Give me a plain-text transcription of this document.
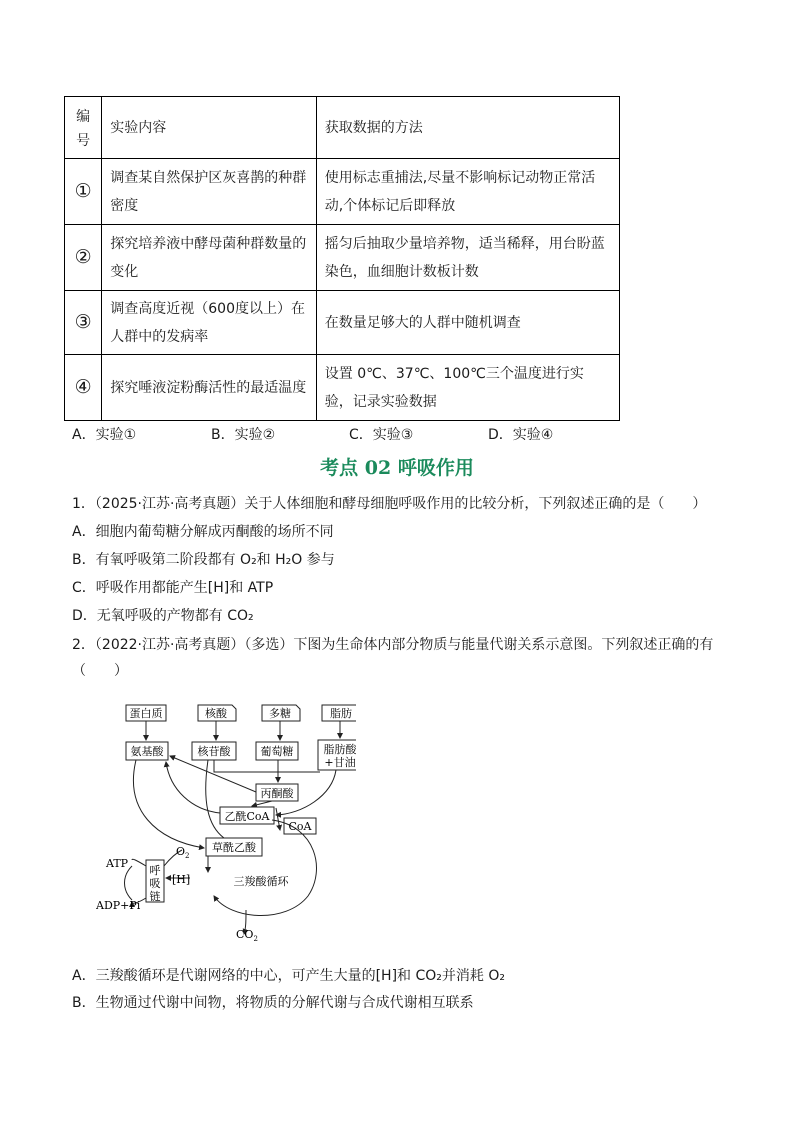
编号	实验内容	获取数据的方法
①	调查某自然保护区灰喜鹊的种群密度	使用标志重捕法,尽量不影响标记动物正常活动,个体标记后即释放
②	探究培养液中酵母菌种群数量的变化	摇匀后抽取少量培养物，适当稀释，用台盼蓝染色，血细胞计数板计数
③	调查高度近视（600度以上）在人群中的发病率	在数量足够大的人群中随机调查
④	探究唾液淀粉酶活性的最适温度	设置 0℃、37℃、100℃三个温度进行实验，记录实验数据
A．实验①	B．实验②	C．实验③	D．实验④
考点 02 呼吸作用
1．（2025·江苏·高考真题）关于人体细胞和酵母细胞呼吸作用的比较分析，下列叙述正确的是（　　）
A．细胞内葡萄糖分解成丙酮酸的场所不同
B．有氧呼吸第二阶段都有 O₂和 H₂O 参与
C．呼吸作用都能产生[H]和 ATP
D．无氧呼吸的产物都有 CO₂
2．（2022·江苏·高考真题）（多选）下图为生命体内部分物质与能量代谢关系示意图。下列叙述正确的有
（　　）
蛋白质	核酸	多糖	脂肪
氨基酸	核苷酸	葡萄糖	脂肪酸
+甘油
丙酮酸
乙酰CoA
CoA
草酰乙酸
三羧酸循环
呼
吸
链
ATP
ADP+Pi
[H]
$O_2$
$CO_2$
A．三羧酸循环是代谢网络的中心，可产生大量的[H]和 CO₂并消耗 O₂
B．生物通过代谢中间物，将物质的分解代谢与合成代谢相互联系
